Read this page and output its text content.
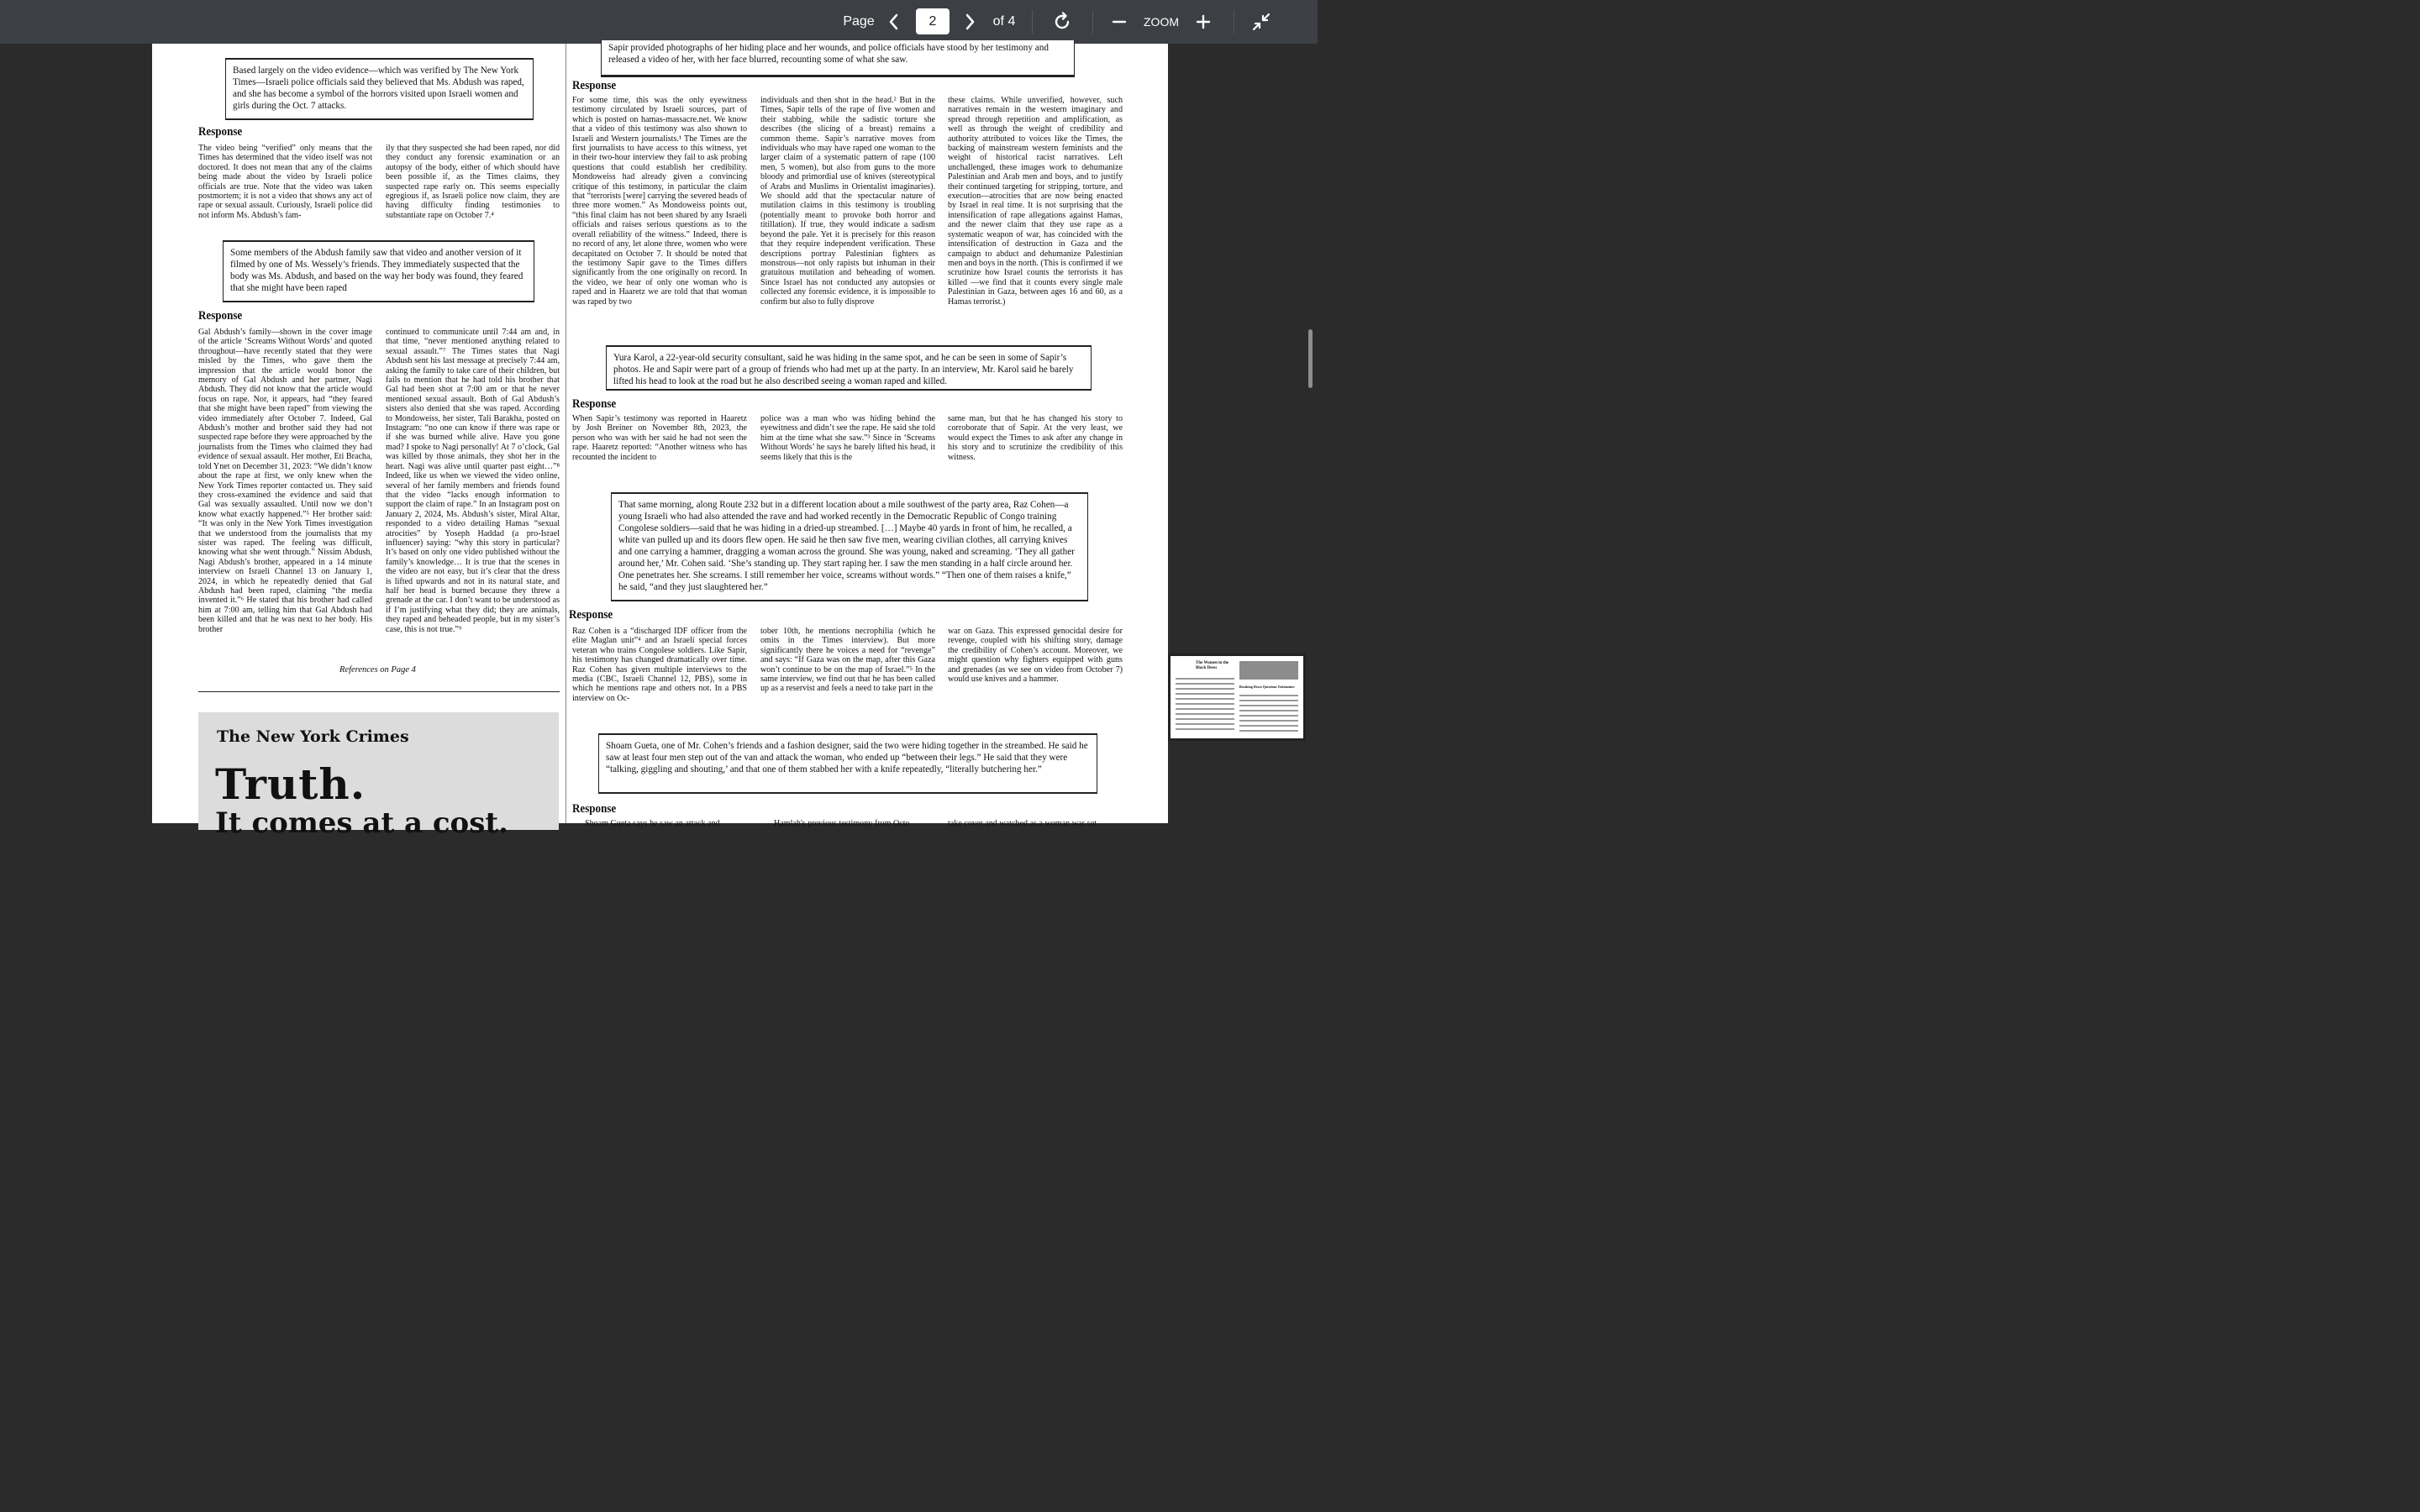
Page	2	of 4	ZOOM
Based largely on the video evidence—which was verified by The New York Times—Israeli police officials said they believed that Ms. Abdush was raped, and she has become a symbol of the horrors visited upon Israeli women and girls during the Oct. 7 attacks.
Response
The video being “verified” only means that the Times has determined that the video itself was not doctored. It does not mean that any of the claims being made about the video by Israeli police officials are true. Note that the video was taken postmortem; it is not a video that shows any act of rape or sexual assault. Curiously, Israeli police did not inform Ms. Abdush’s fam-
ily that they suspected she had been raped, nor did they conduct any forensic examination or an autopsy of the body, either of which should have been possible if, as the Times claims, they suspected rape early on. This seems especially egregious if, as Israeli police now claim, they are having difficulty finding testimonies to substantiate rape on October 7.⁴
Some members of the Abdush family saw that video and another version of it filmed by one of Ms. Wessely’s friends. They immediately suspected that the body was Ms. Abdush, and based on the way her body was found, they feared that she might have been raped
Response
Gal Abdush’s family—shown in the cover image of the article ‘Screams Without Words’ and quoted throughout—have recently stated that they were misled by the Times, who gave them the impression that the article would honor the memory of Gal Abdush and her partner, Nagi Abdush. They did not know that the article would focus on rape. Nor, it appears, had “they feared that she might have been raped” from viewing the video immediately after October 7. Indeed, Gal Abdush’s mother and brother said they had not suspected rape before they were approached by the journalists from the Times who claimed they had evidence of sexual assault. Her mother, Eti Bracha, told Ynet on December 31, 2023: “We didn’t know about the rape at first, we only knew when the New York Times reporter contacted us. They said they cross-examined the evidence and said that Gal was sexually assaulted. Until now we don’t know what exactly happened.”⁵ Her brother said: “It was only in the New York Times investigation that we understood from the journalists that my sister was raped. The feeling was difficult, knowing what she went through.” Nissim Abdush, Nagi Abdush’s brother, appeared in a 14 minute interview on Israeli Channel 13 on January 1, 2024, in which he repeatedly denied that Gal Abdush had been raped, claiming “the media invented it.”⁶ He stated that his brother had called him at 7:00 am, telling him that Gal Abdush had been killed and that he was next to her body. His brother
continued to communicate until 7:44 am and, in that time, “never mentioned anything related to sexual assault.”⁷ The Times states that Nagi Abdush sent his last message at precisely 7:44 am, asking the family to take care of their children, but fails to mention that he had told his brother that Gal had been shot at 7:00 am or that he never mentioned sexual assault. Both of Gal Abdush’s sisters also denied that she was raped. According to Mondoweiss, her sister, Tali Barakha, posted on Instagram: “no one can know if there was rape or if she was burned while alive. Have you gone mad? I spoke to Nagi personally! At 7 o’clock, Gal was killed by those animals, they shot her in the heart. Nagi was alive until quarter past eight…”⁸ Indeed, like us when we viewed the video online, several of her family members and friends found that the video “lacks enough information to support the claim of rape.” In an Instagram post on January 2, 2024, Ms. Abdush’s sister, Miral Altar, responded to a video detailing Hamas “sexual atrocities” by Yoseph Haddad (a pro-Israel influencer) saying: “why this story in particular? It’s based on only one video published without the family’s knowledge… It is true that the scenes in the video are not easy, but it’s clear that the dress is lifted upwards and not in its natural state, and half her head is burned because they threw a grenade at the car. I don’t want to be understood as if I’m justifying what they did; they are animals, they raped and beheaded people, but in my sister’s case, this is not true.”⁹
References on Page 4
The New York Crimes
Truth.
It comes at a cost.
Sapir provided photographs of her hiding place and her wounds, and police officials have stood by her testimony and released a video of her, with her face blurred, recounting some of what she saw.
Response
For some time, this was the only eyewitness testimony circulated by Israeli sources, part of which is posted on hamas-massacre.net. We know that a video of this testimony was also shown to Israeli and Western journalists.¹ The Times are the first journalists to have access to this witness, yet in their two-hour interview they fail to ask probing questions that could establish her credibility. Mondoweiss had already given a convincing critique of this testimony, in particular the claim that “terrorists [were] carrying the severed heads of three more women.” As Mondoweiss points out, “this final claim has not been shared by any Israeli officials and raises serious questions as to the overall reliability of the witness.” Indeed, there is no record of any, let alone three, women who were decapitated on October 7. It should be noted that the testimony Sapir gave to the Times differs significantly from the one originally on record. In the video, we hear of only one woman who is raped and in Haaretz we are told that that woman was raped by two
individuals and then shot in the head.² But in the Times, Sapir tells of the rape of five women and their stabbing, while the sadistic torture she describes (the slicing of a breast) remains a common theme. Sapir’s narrative moves from individuals who may have raped one woman to the larger claim of a systematic pattern of rape (100 men, 5 women), but also from guns to the more bloody and primordial use of knives (stereotypical of Arabs and Muslims in Orientalist imaginaries). We should add that the spectacular nature of mutilation claims in this testimony is troubling (potentially meant to provoke both horror and titillation). If true, they would indicate a sadism beyond the pale. Yet it is precisely for this reason that they require independent verification. These descriptions portray Palestinian fighters as monstrous—not only rapists but inhuman in their gratuitous mutilation and beheading of women. Since Israel has not conducted any autopsies or collected any forensic evidence, it is impossible to confirm but also to fully disprove
these claims. While unverified, however, such narratives remain in the western imaginary and spread through repetition and amplification, as well as through the weight of credibility and authority attributed to voices like the Times, the backing of mainstream western feminists and the weight of historical racist narratives. Left unchallenged, these images work to dehumanize Palestinian and Arab men and boys, and to justify their continued targeting for stripping, torture, and execution—atrocities that are now being enacted by Israel in real time. It is not surprising that the intensification of rape allegations against Hamas, and the newer claim that they use rape as a systematic weapon of war, has coincided with the intensification of destruction in Gaza and the campaign to abduct and dehumanize Palestinian men and boys in the north. (This is confirmed if we scrutinize how Israel counts the terrorists it has killed —we find that it counts every single male Palestinian in Gaza, between ages 16 and 60, as a Hamas terrorist.)
Yura Karol, a 22-year-old security consultant, said he was hiding in the same spot, and he can be seen in some of Sapir’s photos. He and Sapir were part of a group of friends who had met up at the party. In an interview, Mr. Karol said he barely lifted his head to look at the road but he also described seeing a woman raped and killed.
Response
When Sapir’s testimony was reported in Haaretz by Josh Breiner on November 8th, 2023, the person who was with her said he had not seen the rape. Haaretz reported: “Another witness who has recounted the incident to
police was a man who was hiding behind the eyewitness and didn’t see the rape. He said she told him at the time what she saw.”³ Since in ‘Screams Without Words’ he says he barely lifted his head, it seems likely that this is the
same man, but that he has changed his story to corroborate that of Sapir. At the very least, we would expect the Times to ask after any change in his story and to scrutinize the credibility of this witness.
That same morning, along Route 232 but in a different location about a mile southwest of the party area, Raz Cohen—a young Israeli who had also attended the rave and had worked recently in the Democratic Republic of Congo training Congolese soldiers—said that he was hiding in a dried-up streambed. […] Maybe 40 yards in front of him, he recalled, a white van pulled up and its doors flew open. He said he then saw five men, wearing civilian clothes, all carrying knives and one carrying a hammer, dragging a woman across the ground. She was young, naked and screaming. ‘They all gather around her,’ Mr. Cohen said. ‘She’s standing up. They start raping her. I saw the men standing in a half circle around her. One penetrates her. She screams. I still remember her voice, screams without words.” “Then one of them raises a knife,” he said, “and they just slaughtered her.”
Response
Raz Cohen is a “discharged IDF officer from the elite Maglan unit”⁴ and an Israeli special forces veteran who trains Congolese soldiers. Like Sapir, his testimony has changed dramatically over time. Raz Cohen has given multiple interviews to the media (CBC, Israeli Channel 12, PBS), some in which he mentions rape and others not. In a PBS interview on Oc-
tober 10th, he mentions necrophilia (which he omits in the Times interview). But more significantly there he voices a need for “revenge” and says: “If Gaza was on the map, after this Gaza won’t continue to be on the map of Israel.”⁵ In the same interview, we find out that he has been called up as a reservist and feels a need to take part in the
war on Gaza. This expressed genocidal desire for revenge, coupled with his shifting story, damage the credibility of Cohen’s account. Moreover, we might question why fighters equipped with guns and grenades (as we see on video from October 7) would use knives and a hammer.
Shoam Gueta, one of Mr. Cohen’s friends and a fashion designer, said the two were hiding together in the streambed. He said he saw at least four men step out of the van and attack the woman, who ended up “between their legs.” He said that they were “talking, giggling and shouting,’ and that one of them stabbed her with a knife repeatedly, “literally butchering her.”
Response
Shoam Gueta says he saw an attack and	Hamlah's previous testimony from Octo	take cover and watched as a woman was set
The Women in the Black Dress
Breaking Down Questions Testimonies
